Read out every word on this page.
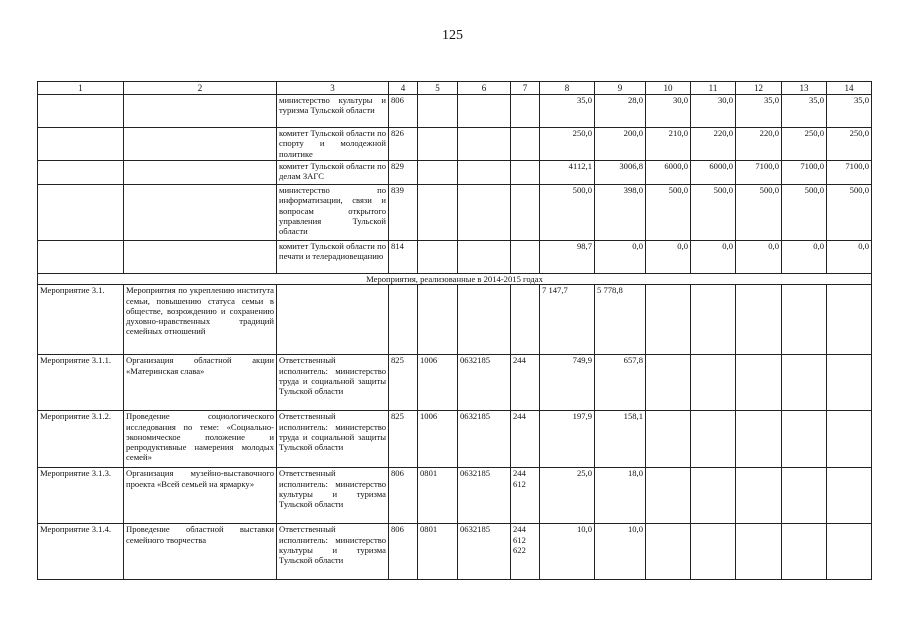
125
1	2	3	4	5	6	7	8	9	10	11	12	13	14
		министерство культуры и туризма Тульской области	806				35,0	28,0	30,0	30,0	35,0	35,0	35,0
		комитет Тульской области по спорту и молодежной политике	826				250,0	200,0	210,0	220,0	220,0	250,0	250,0
		комитет Тульской области по делам ЗАГС	829				4112,1	3006,8	6000,0	6000,0	7100,0	7100,0	7100,0
		министерство по информатизации, связи и вопросам открытого управления Тульской области	839				500,0	398,0	500,0	500,0	500,0	500,0	500,0
		комитет Тульской области по печати и телерадиовещанию	814				98,7	0,0	0,0	0,0	0,0	0,0	0,0
Мероприятия, реализованные в 2014-2015 годах													
Мероприятие 3.1.	Мероприятия по укреплению института семьи, повышению статуса семьи в обществе, возрождению и сохранению духовно-нравственных традиций семейных отношений						7 147,7	5 778,8					
Мероприятие 3.1.1.	Организация областной акции «Материнская слава»	Ответственный исполнитель: министерство труда и социальной защиты Тульской области	825	1006	0632185	244	749,9	657,8					
Мероприятие 3.1.2.	Проведение социологического исследования по теме: «Социально-экономическое положение и репродуктивные намерения молодых семей»	Ответственный исполнитель: министерство труда и социальной защиты Тульской области	825	1006	0632185	244	197,9	158,1					
Мероприятие 3.1.3.	Организация музейно-выставочного проекта «Всей семьей на ярмарку»	Ответственный исполнитель: министерство культуры и туризма Тульской области	806	0801	0632185	244 612	25,0	18,0					
Мероприятие 3.1.4.	Проведение областной выставки семейного творчества	Ответственный исполнитель: министерство культуры и туризма Тульской области	806	0801	0632185	244 612 622	10,0	10,0					
